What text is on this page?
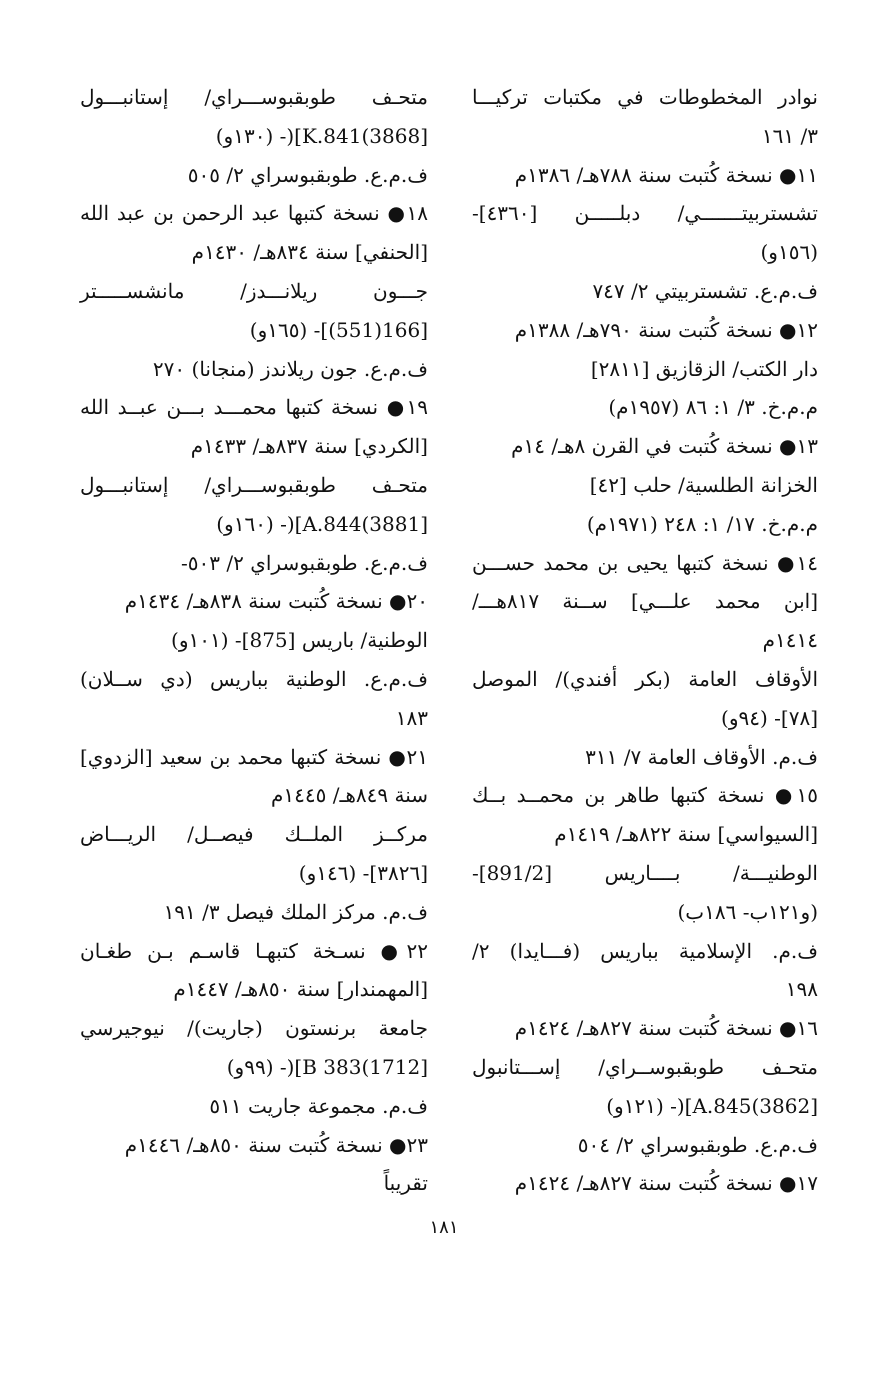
نوادر المخطوطات في مكتبات تركيـــا
٣/ ١٦١
١١● نسخة كُتبت سنة ٧٨٨هـ/ ١٣٨٦م
تشستربيتـــــــي/ دبلـــــن [٤٣٦٠]-
(١٥٦و)
ف.م.ع. تشستربيتي ٢/ ٧٤٧
١٢● نسخة كُتبت سنة ٧٩٠هـ/ ١٣٨٨م
دار الكتب/ الزقازيق [٢٨١١]
م.م.خ. ٣/ ١: ٨٦ (١٩٥٧م)
١٣● نسخة كُتبت في القرن ٨هـ/ ١٤م
الخزانة الطلسية/ حلب [٤٢]
م.م.خ. ١٧/ ١: ٢٤٨ (١٩٧١م)
١٤● نسخة كتبها يحيى بن محمد حســـن
[ابن محمد علـــي] ســنة ٨١٧هـــ/
١٤١٤م
الأوقاف العامة (بكر أفندي)/ الموصل
[٧٨]- (٩٤و)
ف.م. الأوقاف العامة ٧/ ٣١١
١٥● نسخة كتبها طاهر بن محمــد بــك
[السيواسي] سنة ٨٢٢هـ/ ١٤١٩م
الوطنيـــة/ بــــاريس [891/2]-
(و١٢١ب- ١٨٦ب)
ف.م. الإسلامية بباريس (فـــايدا) ٢/
١٩٨
١٦● نسخة كُتبت سنة ٨٢٧هـ/ ١٤٢٤م
متحـف طوبقبوســراي/ إســـتانبول
[3862)A.845](- (١٢١و)
ف.م.ع. طوبقبوسراي ٢/ ٥٠٤
١٧● نسخة كُتبت سنة ٨٢٧هـ/ ١٤٢٤م
متحـف طوبقبوســـراي/ إستانبـــول
[3868)K.841](- (١٣٠و)
ف.م.ع. طوبقبوسراي ٢/ ٥٠٥
١٨● نسخة كتبها عبد الرحمن بن عبد الله
[الحنفي] سنة ٨٣٤هـ/ ١٤٣٠م
جـــون ريلانـــدز/ مانشســـــتر
[166(551)]- (١٦٥و)
ف.م.ع. جون ريلاندز (منجانا) ٢٧٠
١٩● نسخة كتبها محمـــد بـــن عبــد الله
[الكردي] سنة ٨٣٧هـ/ ١٤٣٣م
متحـف طوبقبوســـراي/ إستانبـــول
[3881)A.844](- (١٦٠و)
ف.م.ع. طوبقبوسراي ٢/ ٥٠٣-
٢٠● نسخة كُتبت سنة ٨٣٨هـ/ ١٤٣٤م
الوطنية/ باريس [875]- (١٠١و)
ف.م.ع. الوطنية بباريس (دي ســلان)
١٨٣
٢١● نسخة كتبها محمد بن سعيد [الزدوي]
سنة ٨٤٩هـ/ ١٤٤٥م
مركــز الملــك فيصــل/ الريـــاض
[٣٨٢٦]- (١٤٦و)
ف.م. مركز الملك فيصل ٣/ ١٩١
٢٢● نسـخة كتبهـا قاسـم بـن طغـان
[المهمندار] سنة ٨٥٠هـ/ ١٤٤٧م
جامعة برنستون (جاريت)/ نيوجيرسي
[1712)383 B](- (٩٩و)
ف.م. مجموعة جاريت ٥١١
٢٣● نسخة كُتبت سنة ٨٥٠هـ/ ١٤٤٦م
تقريباً
١٨١
